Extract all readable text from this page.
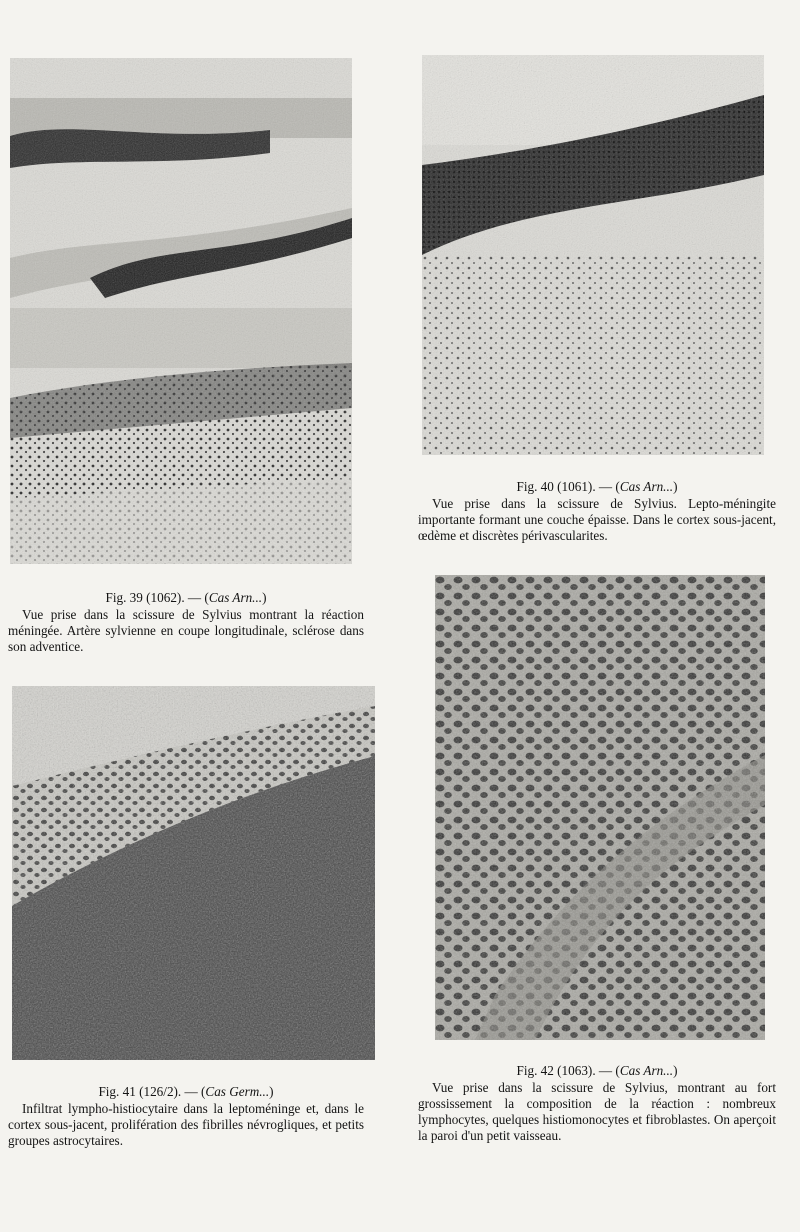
Fig. 39 (1062). — (Cas Arn...)
Vue prise dans la scissure de Sylvius montrant la réaction méningée. Artère sylvienne en coupe longitudinale, sclérose dans son adventice.
Fig. 40 (1061). — (Cas Arn...)
Vue prise dans la scissure de Sylvius. Lepto-méningite importante formant une couche épaisse. Dans le cortex sous-jacent, œdème et discrètes périvascularites.
Fig. 41 (126/2). — (Cas Germ...)
Infiltrat lympho-histiocytaire dans la leptoméninge et, dans le cortex sous-jacent, prolifération des fibrilles névrogliques, et petits groupes astrocytaires.
Fig. 42 (1063). — (Cas Arn...)
Vue prise dans la scissure de Sylvius, montrant au fort grossissement la composition de la réaction : nombreux lymphocytes, quelques histiomonocytes et fibroblastes. On aperçoit la paroi d'un petit vaisseau.
